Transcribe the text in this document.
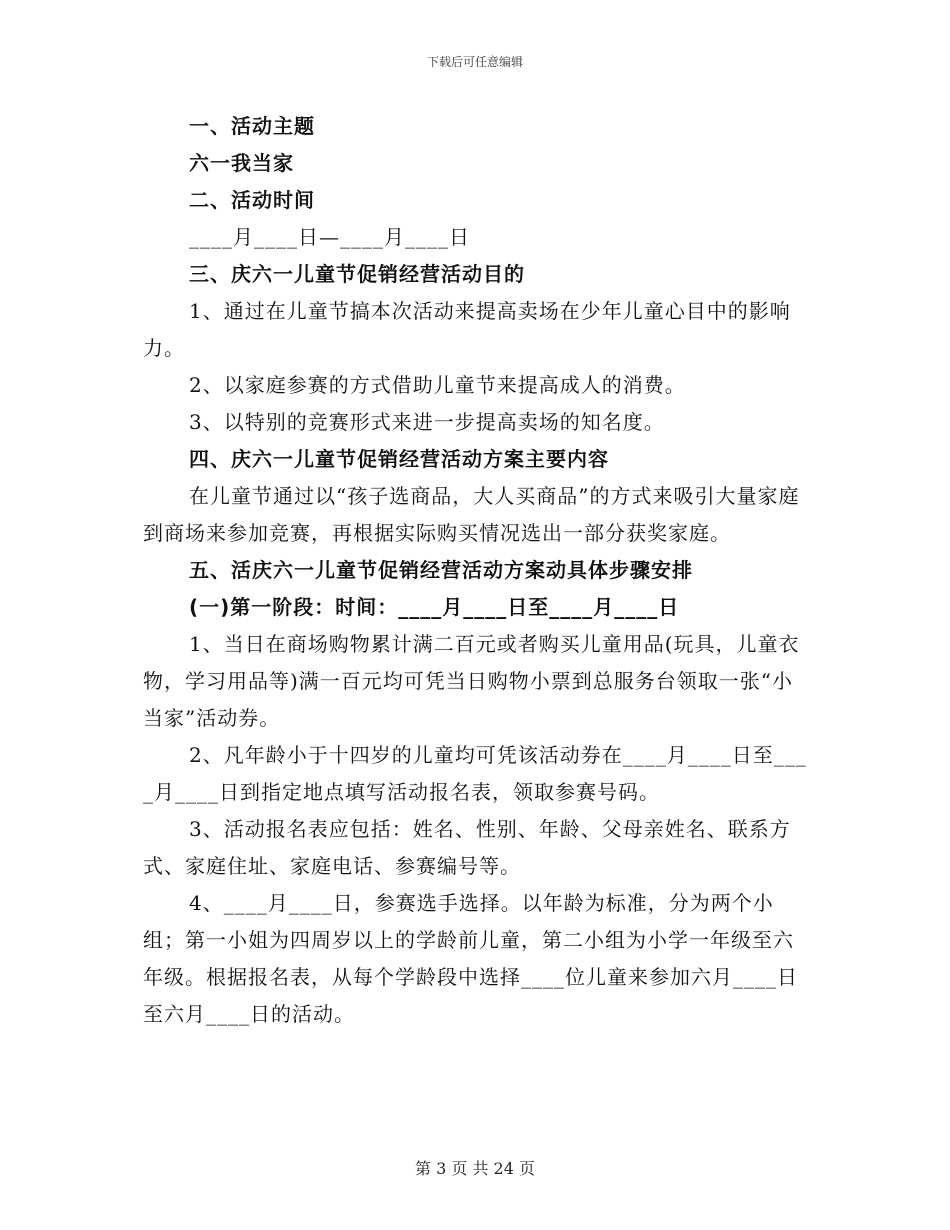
下载后可任意编辑

一、活动主题

六一我当家

二、活动时间

____月____日—____月____日

三、庆六一儿童节促销经营活动目的

1、通过在儿童节搞本次活动来提高卖场在少年儿童心目中的影响力。

2、以家庭参赛的方式借助儿童节来提高成人的消费。

3、以特别的竞赛形式来进一步提高卖场的知名度。

四、庆六一儿童节促销经营活动方案主要内容

在儿童节通过以“孩子选商品，大人买商品”的方式来吸引大量家庭到商场来参加竞赛，再根据实际购买情况选出一部分获奖家庭。

五、活庆六一儿童节促销经营活动方案动具体步骤安排

(一)第一阶段：时间：____月____日至____月____日

1、当日在商场购物累计满二百元或者购买儿童用品(玩具，儿童衣物，学习用品等)满一百元均可凭当日购物小票到总服务台领取一张“小当家”活动券。

2、凡年龄小于十四岁的儿童均可凭该活动券在____月____日至____月____日到指定地点填写活动报名表，领取参赛号码。

3、活动报名表应包括：姓名、性别、年龄、父母亲姓名、联系方式、家庭住址、家庭电话、参赛编号等。

4、____月____日，参赛选手选择。以年龄为标准，分为两个小组；第一小姐为四周岁以上的学龄前儿童，第二小组为小学一年级至六年级。根据报名表，从每个学龄段中选择____位儿童来参加六月____日至六月____日的活动。

第 3 页 共 24 页
